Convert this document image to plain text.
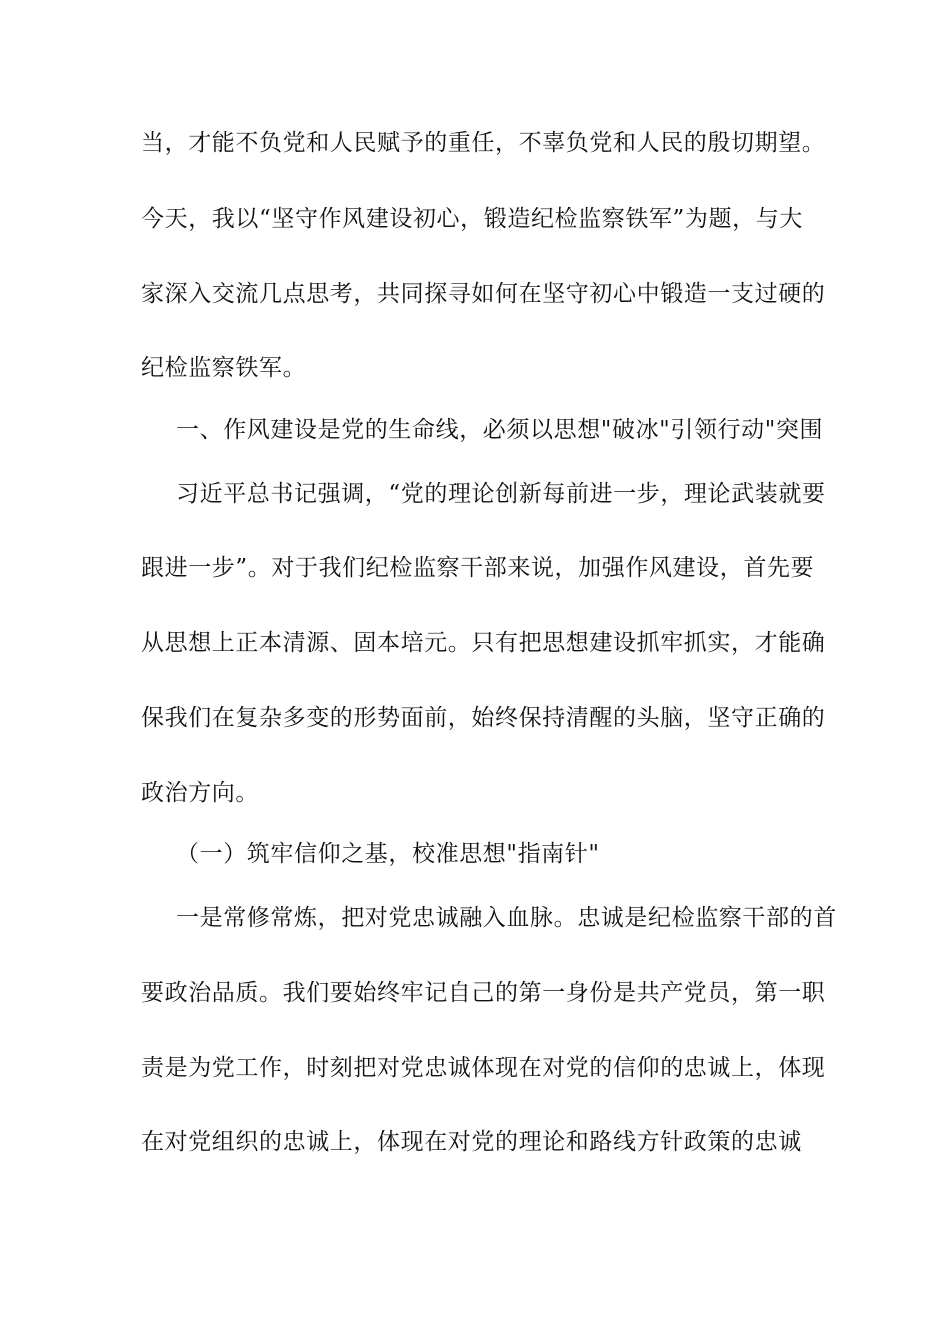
当，才能不负党和人民赋予的重任，不辜负党和人民的殷切期望。
今天，我以“坚守作风建设初心，锻造纪检监察铁军”为题，与大
家深入交流几点思考，共同探寻如何在坚守初心中锻造一支过硬的
纪检监察铁军。
一、作风建设是党的生命线，必须以思想"破冰"引领行动"突围
习近平总书记强调，“党的理论创新每前进一步，理论武装就要
跟进一步”。对于我们纪检监察干部来说，加强作风建设，首先要
从思想上正本清源、固本培元。只有把思想建设抓牢抓实，才能确
保我们在复杂多变的形势面前，始终保持清醒的头脑，坚守正确的
政治方向。
（一）筑牢信仰之基，校准思想"指南针"
一是常修常炼，把对党忠诚融入血脉。忠诚是纪检监察干部的首
要政治品质。我们要始终牢记自己的第一身份是共产党员，第一职
责是为党工作，时刻把对党忠诚体现在对党的信仰的忠诚上，体现
在对党组织的忠诚上，体现在对党的理论和路线方针政策的忠诚
